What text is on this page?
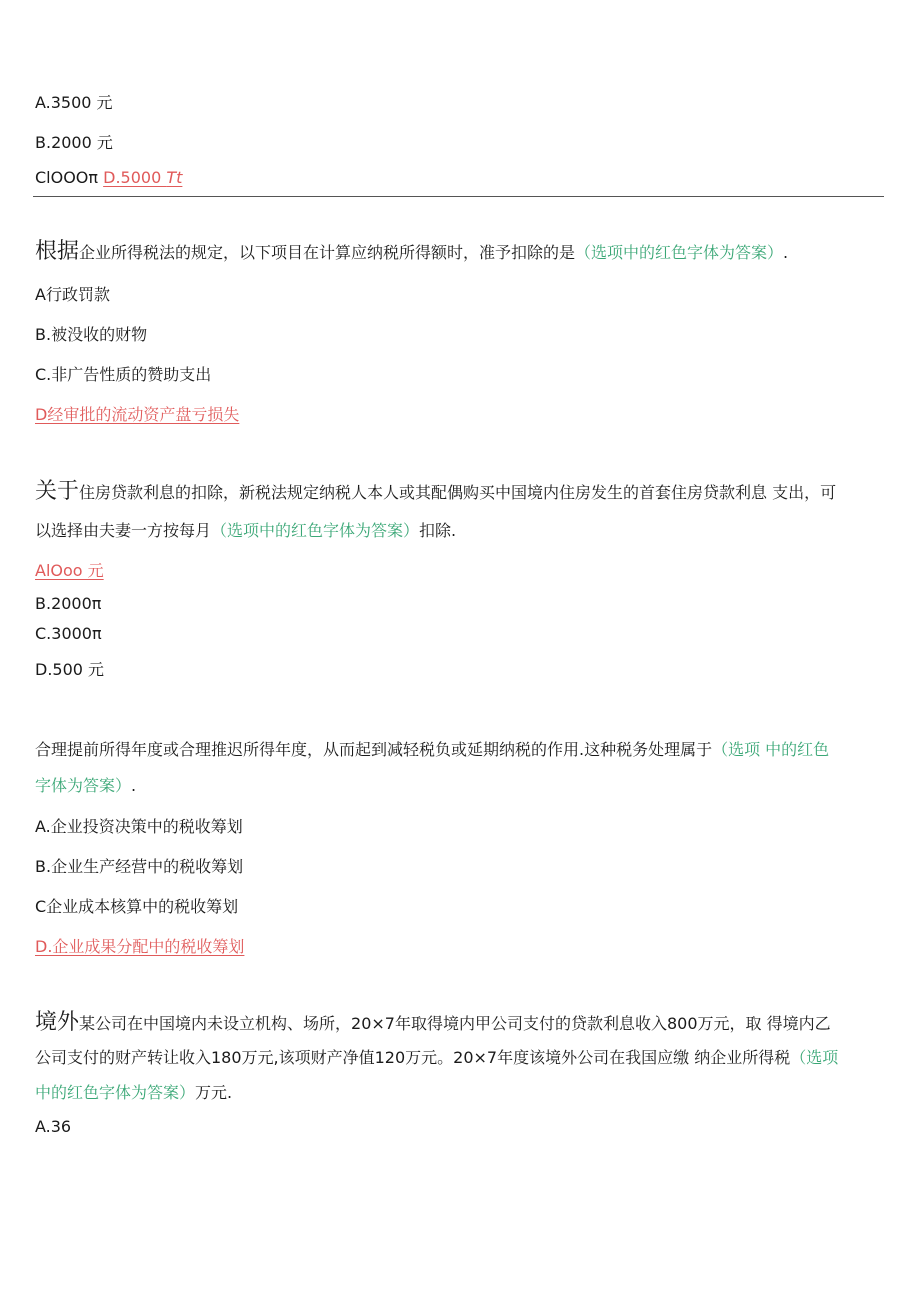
A.3500 元
B.2000 元
ClOOOπ D.5000 Tt
根据企业所得税法的规定，以下项目在计算应纳税所得额时，准予扣除的是（选项中的红色字体为答案）.
A行政罚款
B.被没收的财物
C.非广告性质的赞助支出
D经审批的流动资产盘亏损失
关于住房贷款利息的扣除，新税法规定纳税人本人或其配偶购买中国境内住房发生的首套住房贷款利息 支出，可
以选择由夫妻一方按每月（选项中的红色字体为答案）扣除.
AlOoo 元
B.2000π
C.3000π
D.500 元
合理提前所得年度或合理推迟所得年度，从而起到减轻税负或延期纳税的作用.这种税务处理属于（选项 中的红色
字体为答案）.
A.企业投资决策中的税收筹划
B.企业生产经营中的税收筹划
C企业成本核算中的税收筹划
D.企业成果分配中的税收筹划
境外某公司在中国境内未设立机构、场所，20×7年取得境内甲公司支付的贷款利息收入800万元，取 得境内乙
公司支付的财产转让收入180万元,该项财产净值120万元。20×7年度该境外公司在我国应缴 纳企业所得税（选项
中的红色字体为答案）万元.
A.36
